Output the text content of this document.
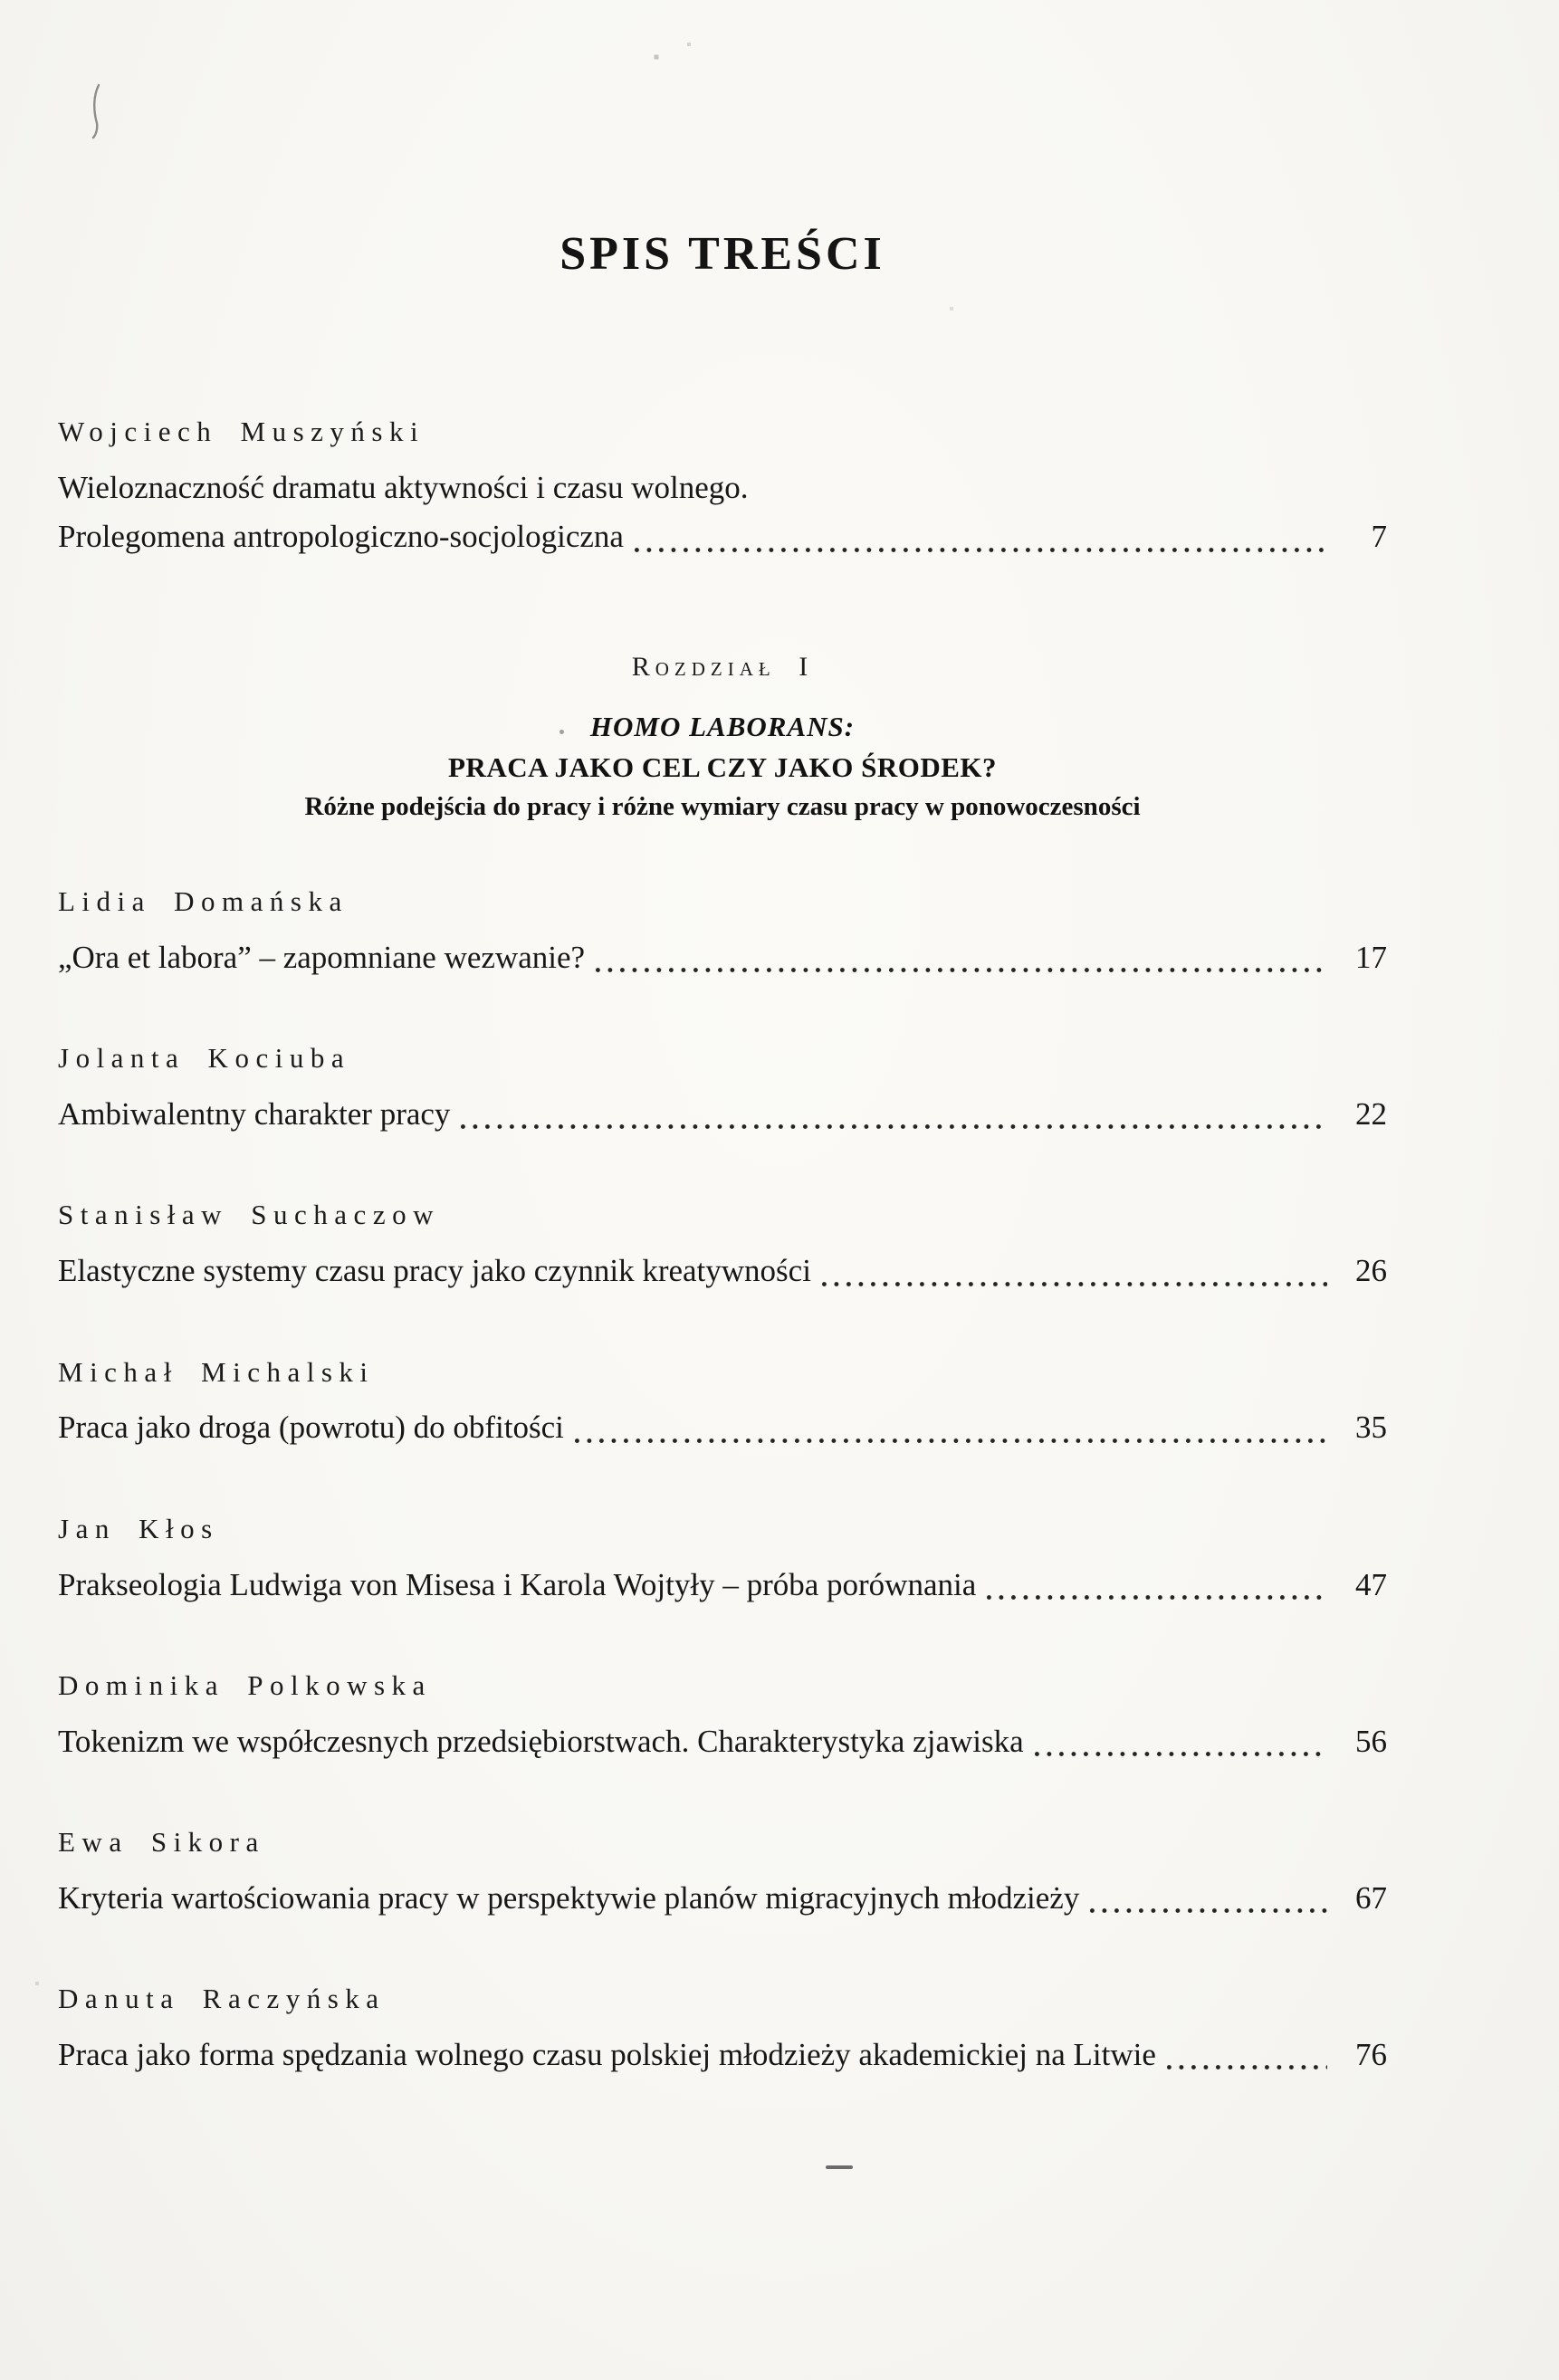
SPIS TREŚCI
Wojciech Muszyński
Wieloznaczność dramatu aktywności i czasu wolnego.
Prolegomena antropologiczno-socjologiczna	7
Rozdział I
HOMO LABORANS:
PRACA JAKO CEL CZY JAKO ŚRODEK?
Różne podejścia do pracy i różne wymiary czasu pracy w ponowoczesności
Lidia Domańska
„Ora et labora” – zapomniane wezwanie?	17
Jolanta Kociuba
Ambiwalentny charakter pracy	22
Stanisław Suchaczow
Elastyczne systemy czasu pracy jako czynnik kreatywności	26
Michał Michalski
Praca jako droga (powrotu) do obfitości	35
Jan Kłos
Prakseologia Ludwiga von Misesa i Karola Wojtyły – próba porównania	47
Dominika Polkowska
Tokenizm we współczesnych przedsiębiorstwach. Charakterystyka zjawiska	56
Ewa Sikora
Kryteria wartościowania pracy w perspektywie planów migracyjnych młodzieży	67
Danuta Raczyńska
Praca jako forma spędzania wolnego czasu polskiej młodzieży akademickiej na Litwie	76
